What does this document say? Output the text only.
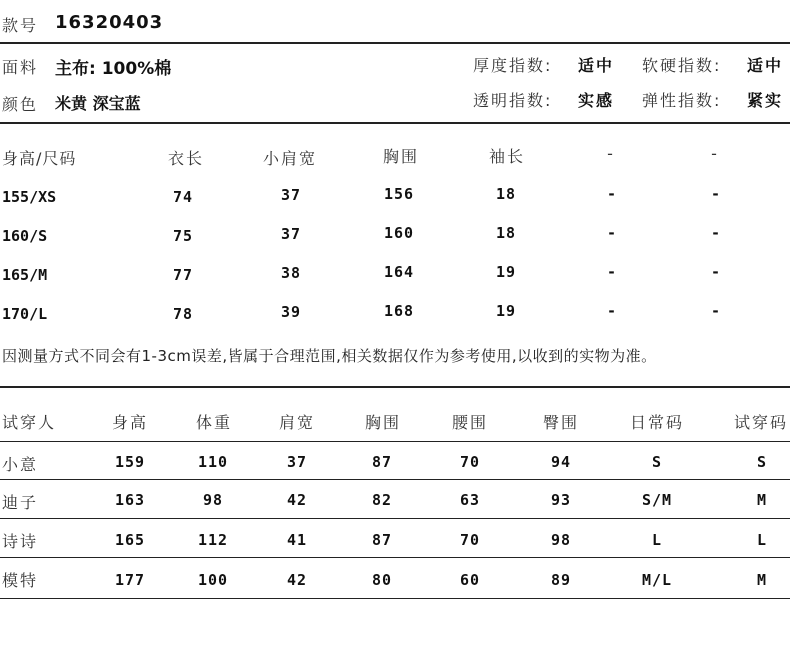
款号 16320403
面料 主布: 100%棉
颜色 米黄 深宝蓝
厚度指数: 适中 软硬指数: 适中
透明指数: 实感 弹性指数: 紧实
身高/尺码	衣长	小肩宽	胸围	袖长	-	-
155/XS	74	37	156	18	-	-
160/S	75	37	160	18	-	-
165/M	77	38	164	19	-	-
170/L	78	39	168	19	-	-
因测量方式不同会有1-3cm误差,皆属于合理范围,相关数据仅作为参考使用,以收到的实物为准。
试穿人	身高	体重	肩宽	胸围	腰围	臀围	日常码	试穿码
小意	159	110	37	87	70	94	S	S
迪子	163	98	42	82	63	93	S/M	M
诗诗	165	112	41	87	70	98	L	L
模特	177	100	42	80	60	89	M/L	M
